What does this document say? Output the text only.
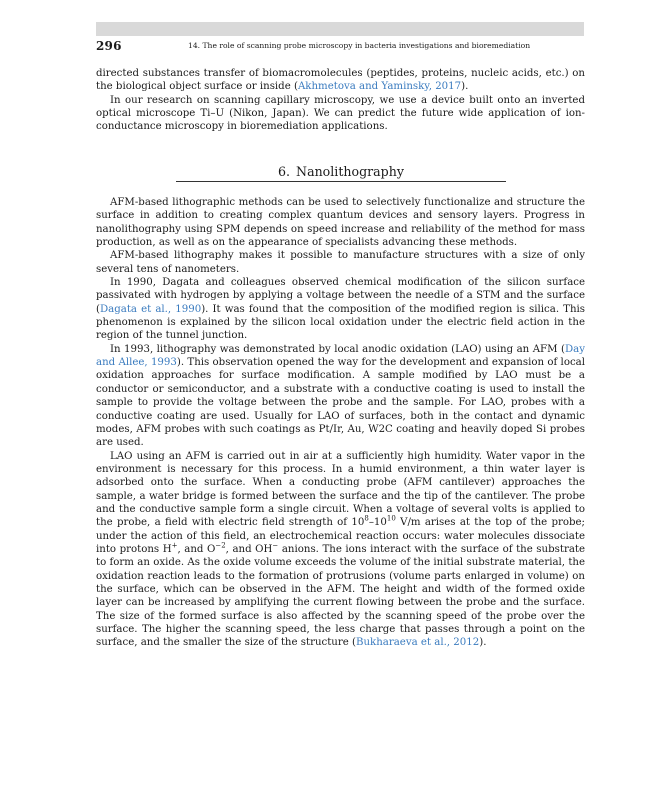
296	14. The role of scanning probe microscopy in bacteria investigations and bioremediation

directed substances transfer of biomacromolecules (peptides, proteins, nucleic acids, etc.) on the biological object surface or inside (Akhmetova and Yaminsky, 2017).

In our research on scanning capillary microscopy, we use a device built onto an inverted optical microscope Ti–U (Nikon, Japan). We can predict the future wide application of ion-conductance microscopy in bioremediation applications.

6. Nanolithography

AFM-based lithographic methods can be used to selectively functionalize and structure the surface in addition to creating complex quantum devices and sensory layers. Progress in nanolithography using SPM depends on speed increase and reliability of the method for mass production, as well as on the appearance of specialists advancing these methods.

AFM-based lithography makes it possible to manufacture structures with a size of only several tens of nanometers.

In 1990, Dagata and colleagues observed chemical modification of the silicon surface passivated with hydrogen by applying a voltage between the needle of a STM and the surface (Dagata et al., 1990). It was found that the composition of the modified region is silica. This phenomenon is explained by the silicon local oxidation under the electric field action in the region of the tunnel junction.

In 1993, lithography was demonstrated by local anodic oxidation (LAO) using an AFM (Day and Allee, 1993). This observation opened the way for the development and expansion of local oxidation approaches for surface modification. A sample modified by LAO must be a conductor or semiconductor, and a substrate with a conductive coating is used to install the sample to provide the voltage between the probe and the sample. For LAO, probes with a conductive coating are used. Usually for LAO of surfaces, both in the contact and dynamic modes, AFM probes with such coatings as Pt/Ir, Au, W2C coating and heavily doped Si probes are used.

LAO using an AFM is carried out in air at a sufficiently high humidity. Water vapor in the environment is necessary for this process. In a humid environment, a thin water layer is adsorbed onto the surface. When a conducting probe (AFM cantilever) approaches the sample, a water bridge is formed between the surface and the tip of the cantilever. The probe and the conductive sample form a single circuit. When a voltage of several volts is applied to the probe, a field with electric field strength of $10^8-10^{10}$ V/m arises at the top of the probe; under the action of this field, an electrochemical reaction occurs: water molecules dissociate into protons H+, and $O^{-2}$, and OH− anions. The ions interact with the surface of the substrate to form an oxide. As the oxide volume exceeds the volume of the initial substrate material, the oxidation reaction leads to the formation of protrusions (volume parts enlarged in volume) on the surface, which can be observed in the AFM. The height and width of the formed oxide layer can be increased by amplifying the current flowing between the probe and the surface. The size of the formed surface is also affected by the scanning speed of the probe over the surface. The higher the scanning speed, the less charge that passes through a point on the surface, and the smaller the size of the structure (Bukharaeva et al., 2012).
